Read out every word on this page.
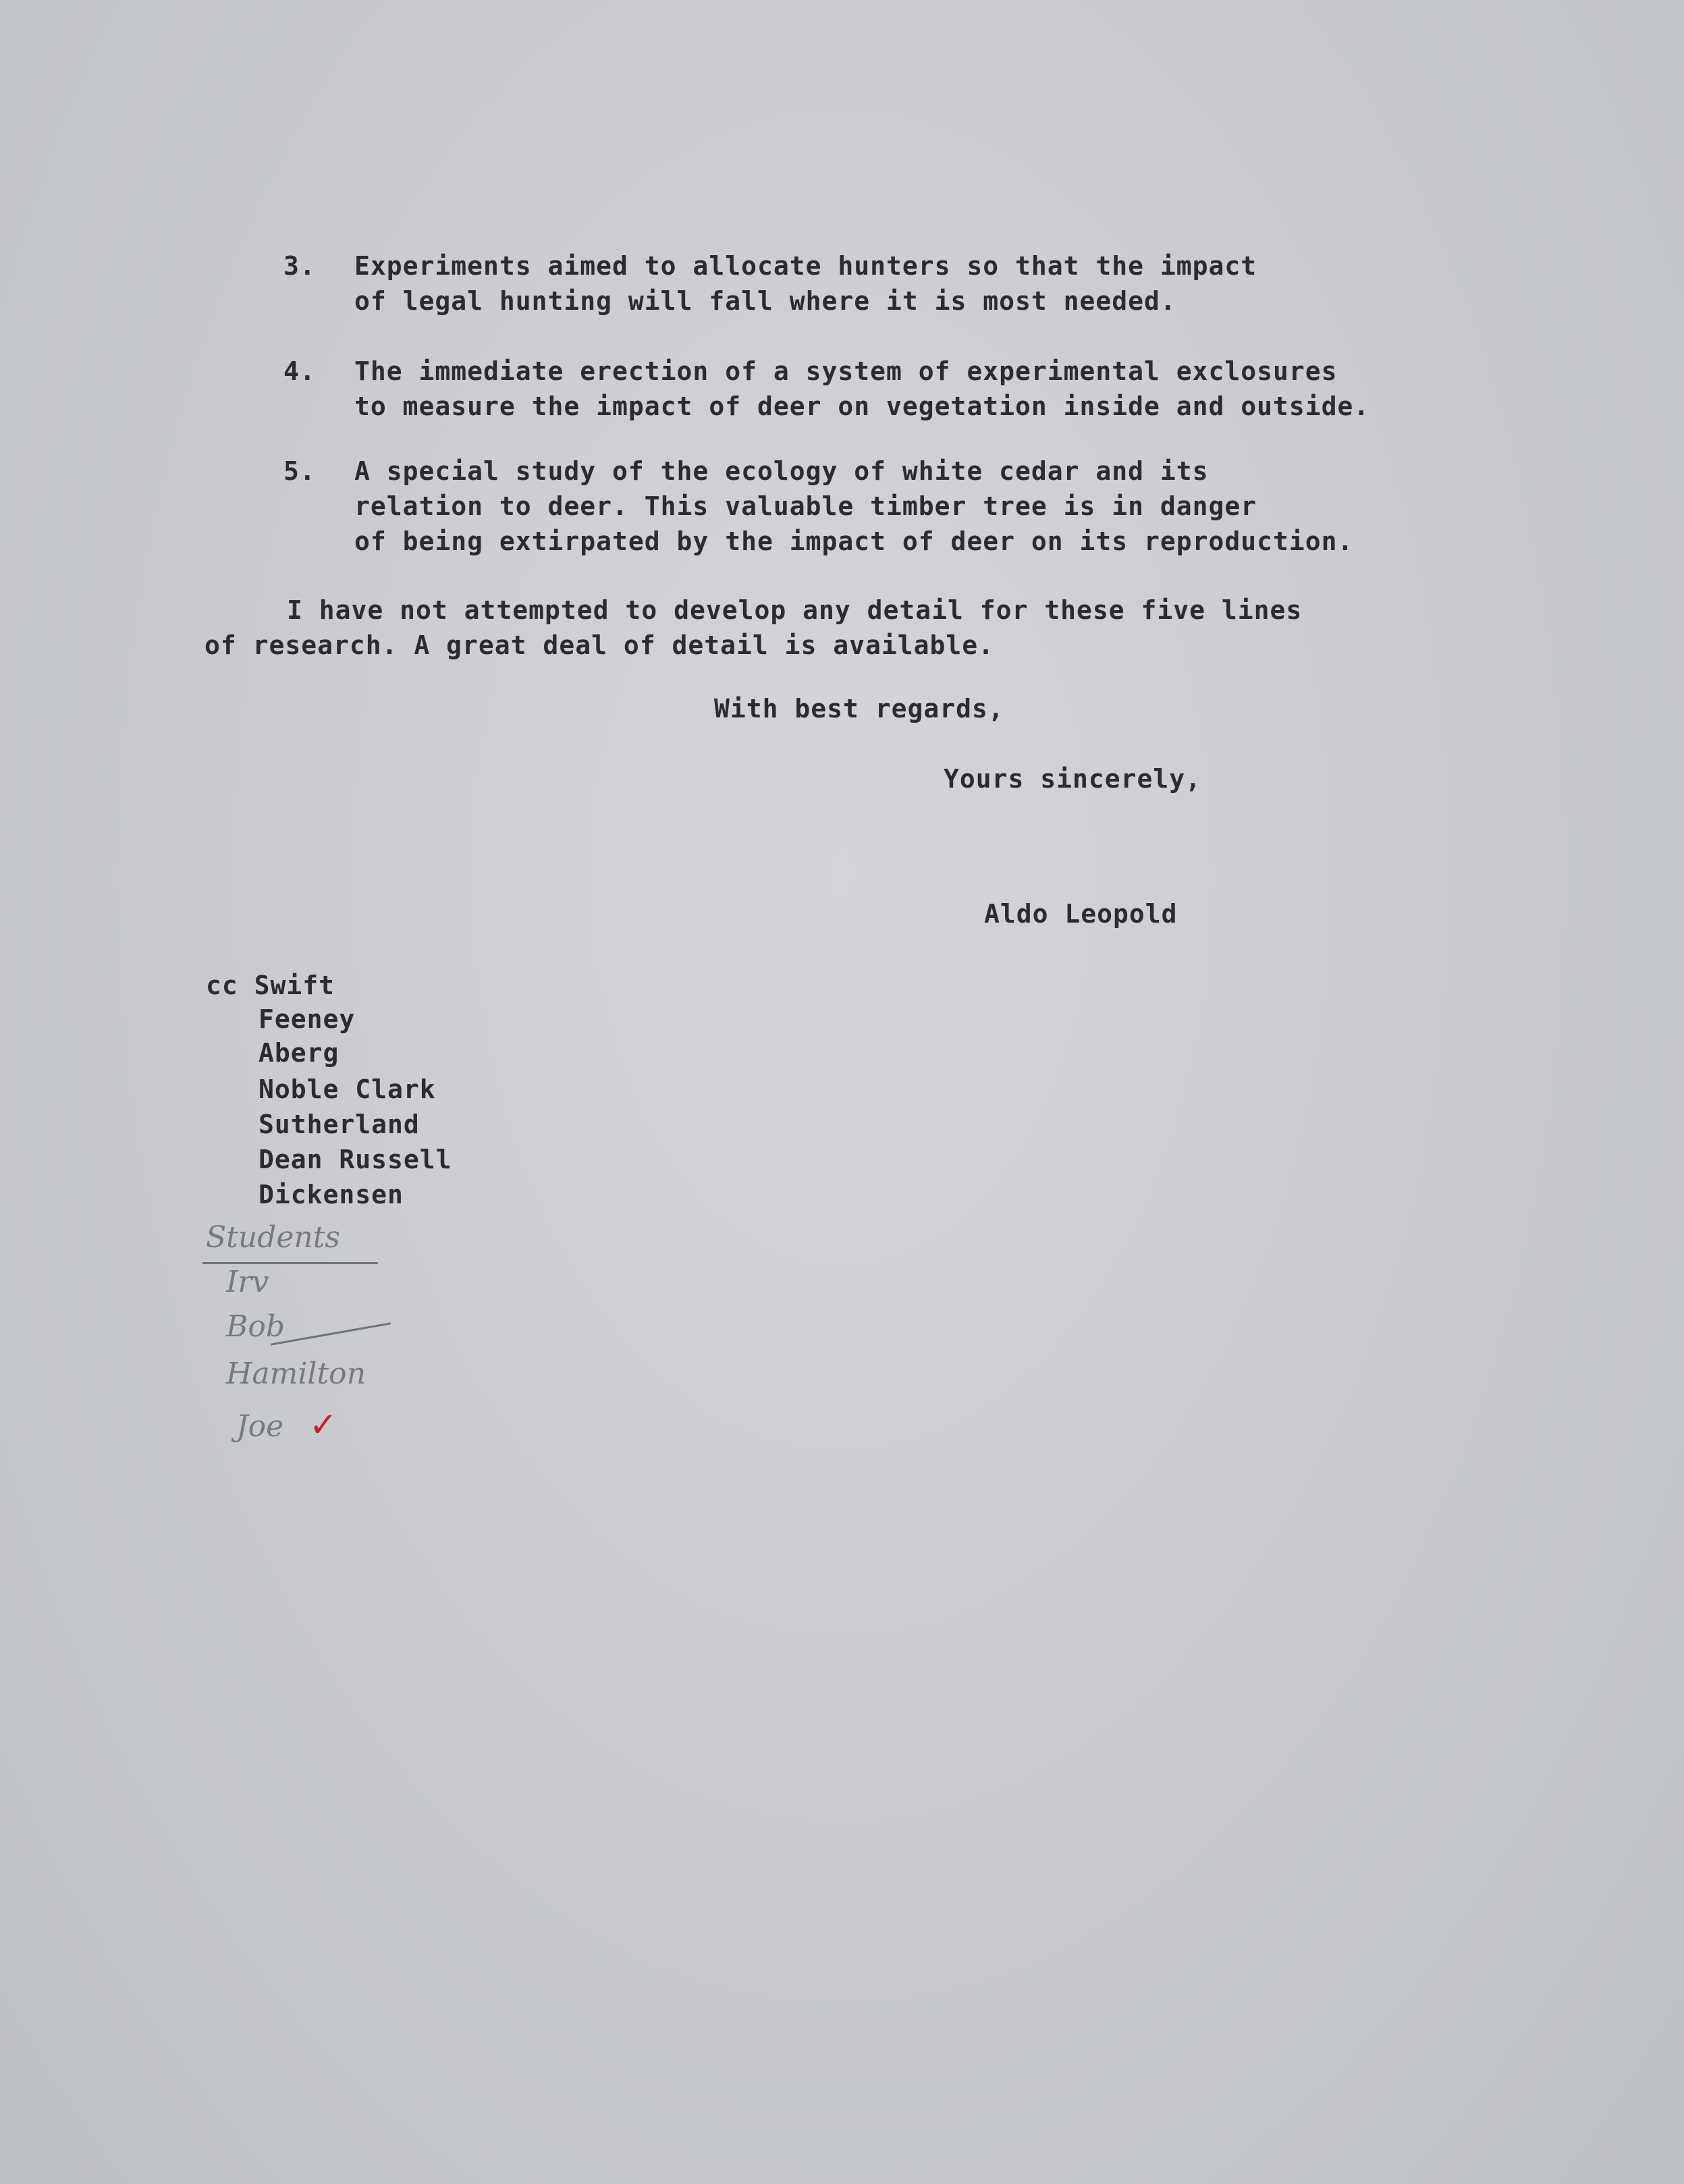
3. Experiments aimed to allocate hunters so that the impact
of legal hunting will fall where it is most needed.
4. The immediate erection of a system of experimental exclosures
to measure the impact of deer on vegetation inside and outside.
5. A special study of the ecology of white cedar and its
relation to deer. This valuable timber tree is in danger
of being extirpated by the impact of deer on its reproduction.
I have not attempted to develop any detail for these five lines
of research. A great deal of detail is available.
With best regards,
Yours sincerely,
Aldo Leopold
cc Swift
Feeney
Aberg
Noble Clark
Sutherland
Dean Russell
Dickensen
Students
Irv
Bob
Hamilton
Joe ✓
